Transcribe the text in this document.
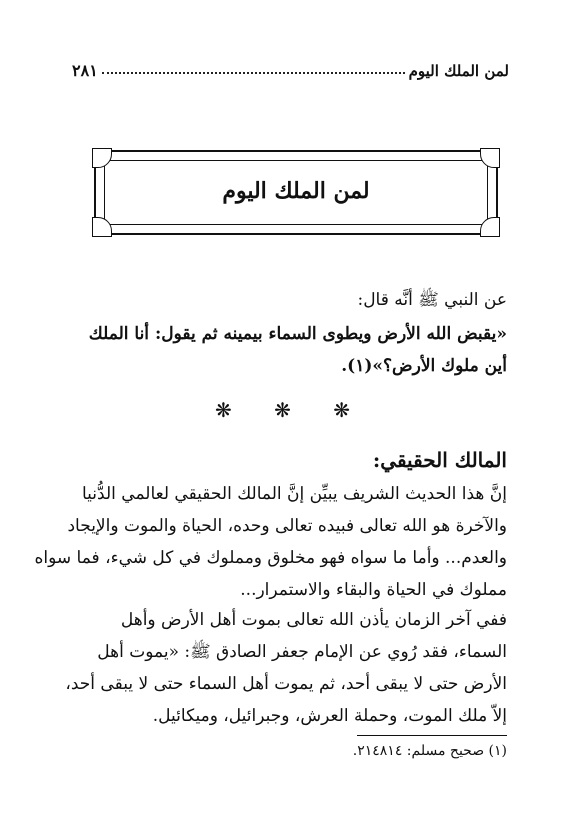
لمن الملك اليوم
٢٨١
لمن الملك اليوم
عن النبي ﷺ أنَّه قال:
«يقبض الله الأرض ويطوى السماء بيمينه ثم يقول: أنا الملك
أين ملوك الأرض؟»(١).
❋ ❋ ❋
المالك الحقيقي:
إنَّ هذا الحديث الشريف يبيِّن إنَّ المالك الحقيقي لعالمي الدُّنيا
والآخرة هو الله تعالى فبيده تعالى وحده، الحياة والموت والإيجاد
والعدم... وأما ما سواه فهو مخلوق ومملوك في كل شيء، فما سواه
مملوك في الحياة والبقاء والاستمرار...
ففي آخر الزمان يأذن الله تعالى بموت أهل الأرض وأهل
السماء، فقد رُوي عن الإمام جعفر الصادق ﷺ: «يموت أهل
الأرض حتى لا يبقى أحد، ثم يموت أهل السماء حتى لا يبقى أحد،
إلاّ ملك الموت، وحملة العرش، وجبرائيل، وميكائيل.
(١) صحيح مسلم: ٢١٤٨١٤.
